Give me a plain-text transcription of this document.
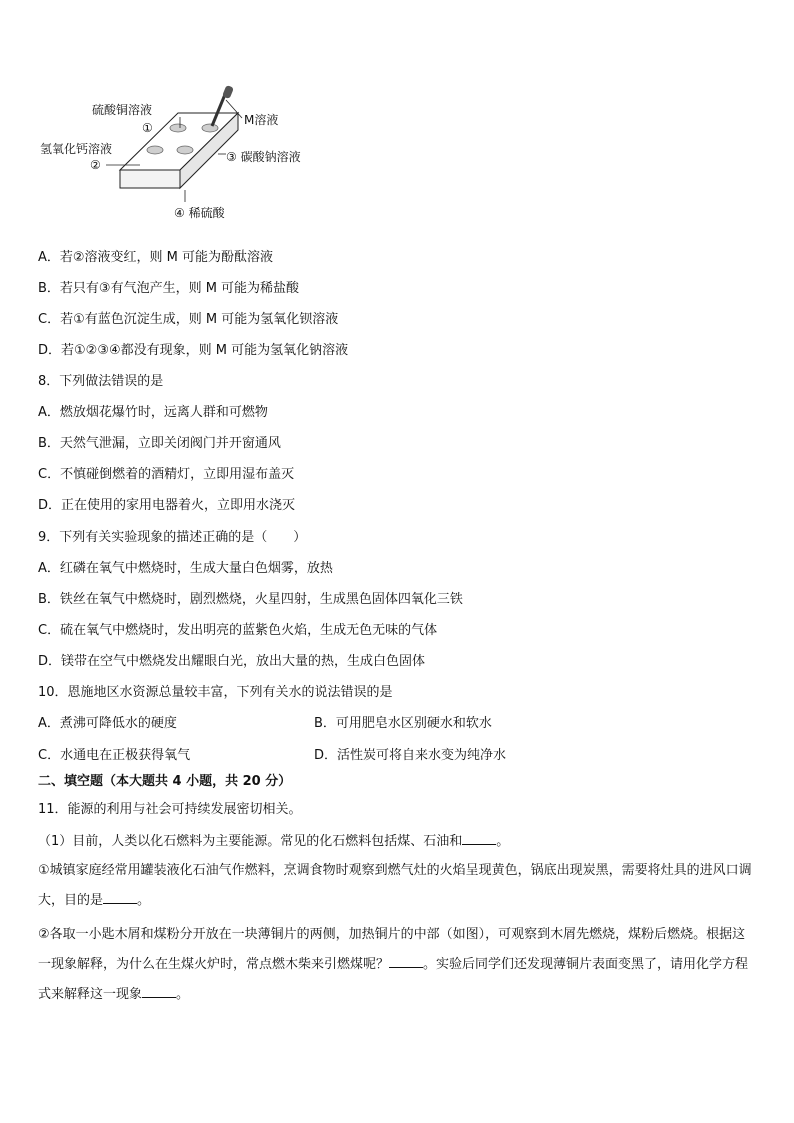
硫酸铜溶液
①
M溶液
氢氧化钙溶液
②
③ 碳酸钠溶液
④ 稀硫酸
A．若②溶液变红，则 M 可能为酚酞溶液
B．若只有③有气泡产生，则 M 可能为稀盐酸
C．若①有蓝色沉淀生成，则 M 可能为氢氧化钡溶液
D．若①②③④都没有现象，则 M 可能为氢氧化钠溶液
8．下列做法错误的是
A．燃放烟花爆竹时，远离人群和可燃物
B．天然气泄漏，立即关闭阀门并开窗通风
C．不慎碰倒燃着的酒精灯，立即用湿布盖灭
D．正在使用的家用电器着火，立即用水浇灭
9．下列有关实验现象的描述正确的是（　　）
A．红磷在氧气中燃烧时，生成大量白色烟雾，放热
B．铁丝在氧气中燃烧时，剧烈燃烧，火星四射，生成黑色固体四氧化三铁
C．硫在氧气中燃烧时，发出明亮的蓝紫色火焰，生成无色无味的气体
D．镁带在空气中燃烧发出耀眼白光，放出大量的热，生成白色固体
10．恩施地区水资源总量较丰富，下列有关水的说法错误的是
A．煮沸可降低水的硬度	B．可用肥皂水区别硬水和软水
C．水通电在正极获得氧气	D．活性炭可将自来水变为纯净水
二、填空题（本大题共 4 小题，共 20 分）
11．能源的利用与社会可持续发展密切相关。
（1）目前，人类以化石燃料为主要能源。常见的化石燃料包括煤、石油和	。
①城镇家庭经常用罐装液化石油气作燃料，烹调食物时观察到燃气灶的火焰呈现黄色，锅底出现炭黑，需要将灶具的进风口调大，目的是	。
②各取一小匙木屑和煤粉分开放在一块薄铜片的两侧，加热铜片的中部（如图），可观察到木屑先燃烧，煤粉后燃烧。根据这一现象解释，为什么在生煤火炉时，常点燃木柴来引燃煤呢？	。实验后同学们还发现薄铜片表面变黑了，请用化学方程式来解释这一现象	。
